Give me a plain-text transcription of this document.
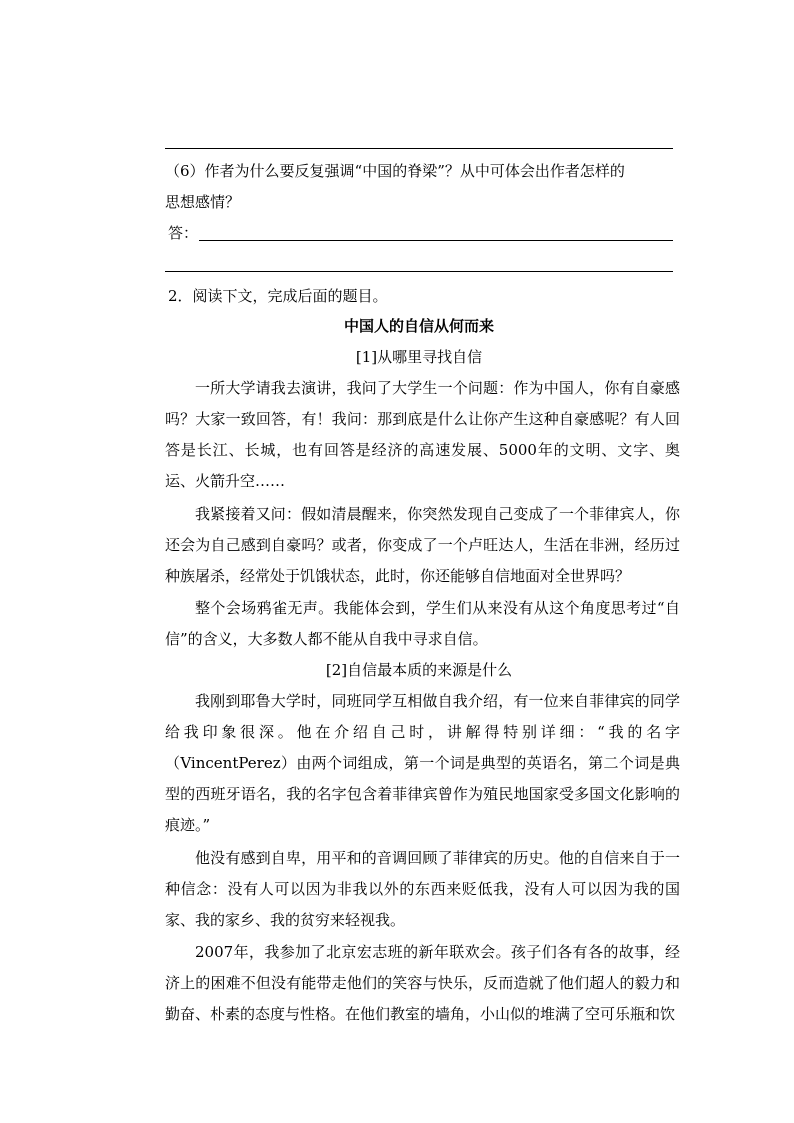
（6）作者为什么要反复强调“中国的脊梁”？从中可体会出作者怎样的
思想感情？
答：
2．阅读下文，完成后面的题目。
中国人的自信从何而来
[1]从哪里寻找自信
一所大学请我去演讲，我问了大学生一个问题：作为中国人，你有自豪感吗？大家一致回答，有！我问：那到底是什么让你产生这种自豪感呢？有人回答是长江、长城，也有回答是经济的高速发展、5000年的文明、文字、奥运、火箭升空……
我紧接着又问：假如清晨醒来，你突然发现自己变成了一个菲律宾人，你还会为自己感到自豪吗？或者，你变成了一个卢旺达人，生活在非洲，经历过种族屠杀，经常处于饥饿状态，此时，你还能够自信地面对全世界吗？
整个会场鸦雀无声。我能体会到，学生们从来没有从这个角度思考过“自信”的含义，大多数人都不能从自我中寻求自信。
[2]自信最本质的来源是什么
我刚到耶鲁大学时，同班同学互相做自我介绍，有一位来自菲律宾的同学给我印象很深。他在介绍自己时，讲解得特别详细：“我的名字（VincentPerez）由两个词组成，第一个词是典型的英语名，第二个词是典型的西班牙语名，我的名字包含着菲律宾曾作为殖民地国家受多国文化影响的痕迹。”
他没有感到自卑，用平和的音调回顾了菲律宾的历史。他的自信来自于一种信念：没有人可以因为非我以外的东西来贬低我，没有人可以因为我的国家、我的家乡、我的贫穷来轻视我。
2007年，我参加了北京宏志班的新年联欢会。孩子们各有各的故事，经济上的困难不但没有能带走他们的笑容与快乐，反而造就了他们超人的毅力和勤奋、朴素的态度与性格。在他们教室的墙角，小山似的堆满了空可乐瓶和饮
